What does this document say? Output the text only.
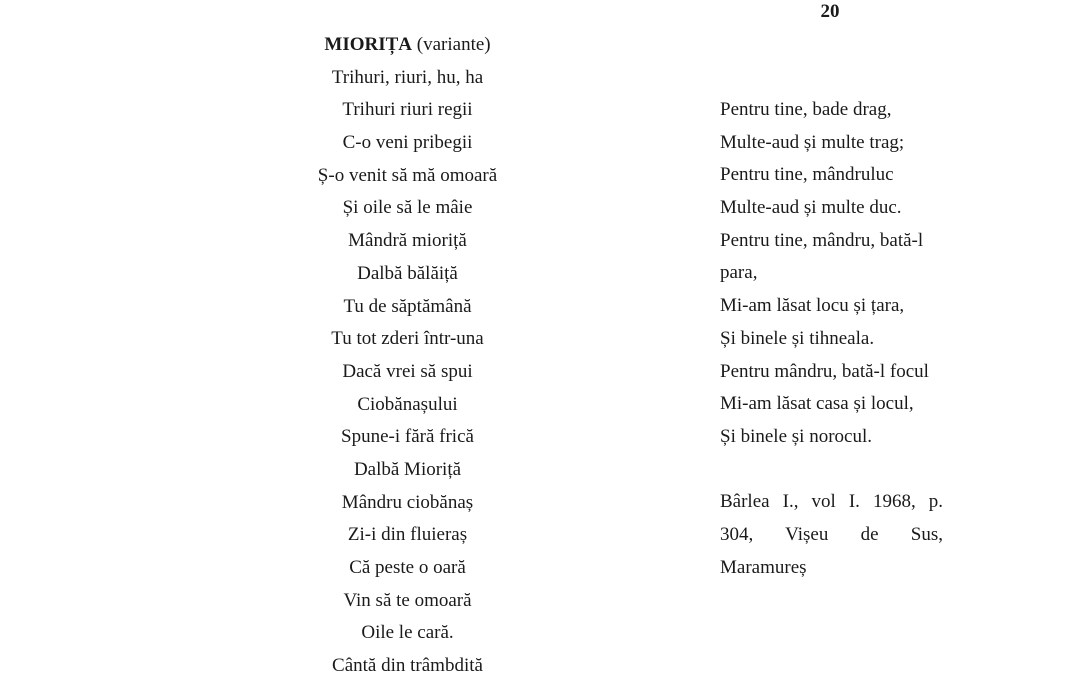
20
MIORIȚA (variante)
Trihuri, riuri, hu, ha
Trihuri riuri regii
C-o veni pribegii
Ș-o venit să mă omoară
Și oile să le mâie
Mândră mioriță
Dalbă bălăiță
Tu de săptămână
Tu tot zderi într-una
Dacă vrei să spui
Ciobănașului
Spune-i fără frică
Dalbă Mioriță
Mândru ciobănaș
Zi-i din fluieraș
Că peste o oară
Vin să te omoară
Oile le cară.
Cântă din trâmbdită
Pentru tine, bade drag,
Multe-aud și multe trag;
Pentru tine, mândruluc
Multe-aud și multe duc.
Pentru tine, mândru, bată-l
para,
Mi-am lăsat locu și țara,
Și binele și tihneala.
Pentru mândru, bată-l focul
Mi-am lăsat casa și locul,
Și binele și norocul.
Bârlea I., vol I. 1968, p.
304, Vișeu de Sus,
Maramureș
